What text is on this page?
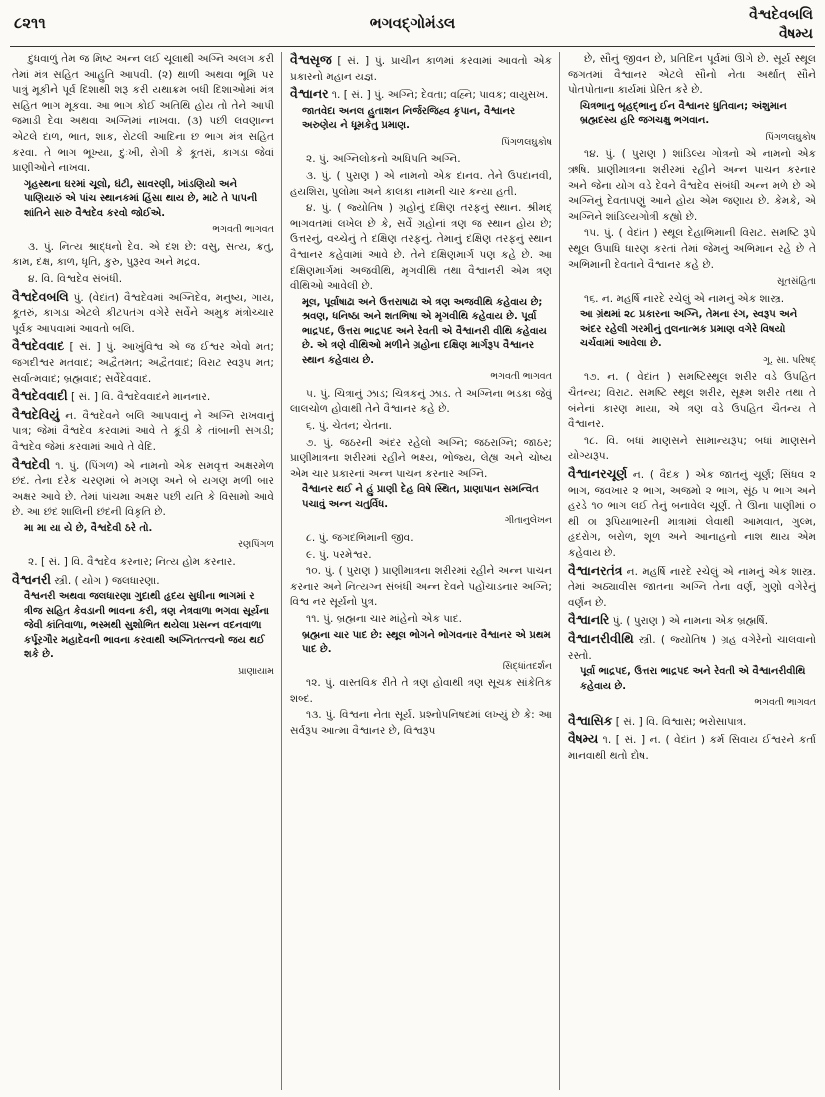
૮૨૧૧	ભગવદ્ગોમંડલ	વૈશ્વદેવબલિ
વૈષમ્ય
દુધવાળું તેમ જ મિષ્ટ અન્ન લઈ ચૂલાથી અગ્નિ અલગ કરી તેમાં મંત્ર સહિત આહુતિ આપવી. (૨) થાળી અથવા ભૂમિ પર પાત્રું મૂકીને પૂર્વ દિશાથી શરૂ કરી યથાક્રમ બધી દિશાઓમાં મંત્ર સહિત ભાગ મૂકવા. આ ભાગ કોઈ અતિથિ હોય તો તેને આપી જમાડી દેવા અથવા અગ્નિમાં નાખવા. (૩) પછી લવણાન્ન એટલે દાળ, ભાત, શાક, રોટલી આદિના છ ભાગ મંત્ર સહિત કરવા. તે ભાગ ભૂખ્યા, દુઃખી, રોગી કે કૂતરાં, કાગડા જેવાં પ્રાણીઓને નાખવા.
ગૃહસ્થના ઘરમાં ચૂલો, ઘંટી, સાવરણી, ખાંડણિયો અને પાણિયારું એ પાંચ સ્થાનકમાં હિંસા થાય છે, માટે તે પાપની શાંતિને સારુ વૈશ્વદેવ કરવો જોઈએ.
ભગવતી ભાગવત
૩. પું. નિત્ય શ્રાદ્ધનો દેવ. એ દશ છે: વસુ, સત્ય, ક્રતુ, કામ, દક્ષ, કાળ, ધૃતિ, કુરુ, પુરૂરવ અને મદ્રવ.
૪. વિ. વિશ્વદેવ સંબંધી.
વૈશ્વદેવબલિ પું. (વેદાંત) વૈશ્વદેવમાં અગ્નિદેવ, મનુષ્ય, ગાય, કૂતરું, કાગડા એટલે કીટપતંગ વગેરે સર્વેને અમુક મંત્રોચ્ચાર પૂર્વક આપવામાં આવતો બલિ.
વૈશ્વદેવવાદ [ સં. ] પું. આખુંવિશ્વ એ જ ઈશ્વર એવો મત; જગદીશ્વર મતવાદ; અદ્વૈતમત; અદ્વૈતવાદ; વિરાટ સ્વરૂપ મત; સર્વાત્મવાદ; બ્રહ્મવાદ; સર્વેદેવવાદ.
વૈશ્વદેવવાદી [ સં. ] વિ. વૈશ્વદેવવાદને માનનાર.
વૈશ્વદેવિયું ન. વૈશ્વદેવને બલિ આપવાનું ને અગ્નિ રાખવાનું પાત્ર; જેમાં વૈશ્વદેવ કરવામાં આવે તે કૂંડી કે તાંબાની સગડી; વૈશ્વદેવ જેમાં કરવામાં આવે તે વેદિ.
વૈશ્વદેવી ૧. પું. (પિંગળ) એ નામનો એક સમવૃત્ત અક્ષરમેળ છંદ. તેના દરેક ચરણમાં બે મગણ અને બે યગણ મળી બાર અક્ષર આવે છે. તેમાં પાંચમા અક્ષર પછી યતિ કે વિસામો આવે છે. આ છંદ શાલિની છંદની વિકૃતિ છે.
મા મા યા યે છે, વૈશ્વદેવી ઠરે તો.
રણપિંગળ
૨. [ સં. ] વિ. વૈશ્વદેવ કરનાર; નિત્ય હોમ કરનાર.
વૈશ્વનરી સ્ત્રી. ( યોગ ) જલધારણા.
વૈશ્વનરી અથવા જલધારણા ગુદાથી હૃદય સુધીના ભાગમાં ર ત્રીજ સહિત કેવડાની ભાવના કરી, ત્રણ નેત્રવાળા ભગવા સૂર્યના જેવી કાંતિવાળા, ભસ્મથી સુશોભિત થયેલા પ્રસન્ન વદનવાળા કર્પૂરગૌર મહાદેવની ભાવના કરવાથી અગ્નિતત્ત્વનો જય થઈ શકે છે.
પ્રાણાયામ
વૈશ્વસૃજ [ સં. ] પું. પ્રાચીન કાળમાં કરવામાં આવતો એક પ્રકારનો મહાન યજ્ઞ.
વૈશ્વાનર ૧. [ સં. ] પું. અગ્નિ; દેવતા; વહ્નિ; પાવક; વાયુસખ.
જાતવેદા અનલ હુતાશન નિર્જરજિહ્વ કૃપાન, વૈશ્વાનર અરુણેય ને ધૂમકેતુ પ્રમાણ.
પિંગળલઘુકોષ
૨. પું. અગ્નિલોકનો અધિપતિ અગ્નિ.
૩. પું. ( પુરાણ ) એ નામનો એક દાનવ. તેને ઉપદાનવી, હયશિરા, પુલોમા અને કાલકા નામની ચાર કન્યા હતી.
૪. પું. ( જ્યોતિષ ) ગ્રહોનું દક્ષિણ તરફનું સ્થાન. શ્રીમદ્ ભાગવતમાં લખેલ છે કે, સર્વે ગ્રહોનાં ત્રણ જ સ્થાન હોય છે; ઉત્તરનું, વચ્ચેનું તે દક્ષિણ તરફનું. તેમાનું દક્ષિણ તરફનું સ્થાન વૈશ્વાનર કહેવામાં આવે છે. તેને દક્ષિણમાર્ગ પણ કહે છે. આ દક્ષિણમાર્ગમાં અજવીથિ, મૃગવીથિ તથા વૈશ્વાનરી એમ ત્રણ વીથિઓ આવેલી છે.
મૂલ, પૂર્વાષાઢા અને ઉત્તરાષાઢા એ ત્રણ અજવીથિ કહેવાય છે; શ્રવણ, ધનિષ્ઠા અને શતભિષા એ મૃગવીથિ કહેવાય છે. પૂર્વા ભાદ્રપદ, ઉત્તરા ભાદ્રપદ અને રેવતી એ વૈશ્વાનરી વીથિ કહેવાય છે. એ ત્રણે વીથિઓ મળીને ગ્રહોના દક્ષિણ માર્ગરૂપ વૈશ્વાનર સ્થાન કહેવાય છે.
ભગવતી ભાગવત
૫. પું. ચિત્રાનું ઝાડ; ચિત્રકનું ઝાડ. તે અગ્નિના ભડકા જેવું લાલચોળ હોવાથી તેને વૈશ્વાનર કહે છે.
૬. પું. ચેતન; ચેતના.
૭. પું. જઠરની અંદર રહેલો અગ્નિ; જઠરાગ્નિ; જાઠર; પ્રાણીમાત્રના શરીરમાં રહીને ભક્ષ્ય, ભોજ્ય, લેહ્ય અને ચોષ્ય એમ ચાર પ્રકારનાં અન્ન પાચન કરનાર અગ્નિ.
વૈશ્વાનર થઈ ને હું પ્રાણી દેહ વિષે સ્થિત, પ્રાણાપાન સમન્વિત પચાવું અન્ન ચતુર્વિધ.
ગીતાનુલેખન
૮. પું. જગદભિમાની જીવ.
૯. પું. પરમેશ્વર.
૧૦. પું. ( પુરાણ ) પ્રાણીમાત્રના શરીરમાં રહીને અન્ન પાચન કરનાર અને નિત્યગ્ન સંબંધી અન્ન દેવને પહોંચાડનાર અગ્નિ; વિશ્વ નર સૂર્યનો પુત્ર.
૧૧. પું. બ્રહ્મના ચાર માંહેનો એક પાદ.
બ્રહ્મના ચાર પાદ છે: સ્થૂલ ભોગને ભોગવનાર વૈશ્વાનર એ પ્રથમ પાદ છે.
સિદ્ધાંતદર્શન
૧૨. પું. વાસ્તવિક રીતે તે ત્રણ હોવાથી ત્રણ સૂચક સાંકેતિક શબ્દ.
૧૩. પું. વિશ્વના નેતા સૂર્ય. પ્રશ્નોપનિષદમાં લખ્યું છે કે: આ સર્વરૂપ આત્મા વૈશ્વાનર છે, વિશ્વરૂપ
છે, સૌનું જીવન છે, પ્રતિદિન પૂર્વમાં ઊગે છે. સૂર્ય સ્થૂલ જગતમાં વૈશ્વાનર એટલે સૌનો નેતા અર્થાત્ સૌને પોતપોતાના કાર્યમાં પ્રેરિત કરે છે.
ચિત્રભાનુ બૃહદ્ભાનુ ઈન વૈશ્વાનર ધુતિવાન; અંશુમાન બ્રહ્મદસ્ય હરિ જગચક્ષુ ભગવાન.
પિંગળલઘુકોષ
૧૪. પું. ( પુરાણ ) શાંડિલ્ય ગોત્રનો એ નામનો એક ઋષિ. પ્રાણીમાત્રના શરીરમાં રહીને અન્ન પાચન કરનાર અને જેના યોગ વડે દેવને વૈશ્વદેવ સંબંધી અન્ન મળે છે એ અગ્નિનું દેવતાપણું આને હોય એમ જણાય છે. કેમકે, એ અગ્નિને શાંડિલ્યગોત્રી કહ્યો છે.
૧૫. પું. ( વેદાંત ) સ્થૂલ દેહાભિમાની વિરાટ. સમષ્ટિ રૂપે સ્થૂલ ઉપાધિ ધારણ કરતાં તેમાં જેમનું અભિમાન રહે છે તે અભિમાની દેવતાને વૈશ્વાનર કહે છે.
સૂતસંહિતા
૧૬. ન. મહર્ષિ નારદે રચેલું એ નામનું એક શાસ્ત્ર.
આ ગ્રંથમાં ૨૮ પ્રકારના અગ્નિ, તેમના રંગ, સ્વરૂપ અને અંદર રહેલી ગરમીનું તુલનાત્મક પ્રમાણ વગેરે વિષયો ચર્ચવામાં આવેલા છે.
ગૂ. સા. પરિષદ્
૧૭. ન. ( વેદાંત ) સમષ્ટિસ્થૂલ શરીર વડે ઉપહિત ચૈતન્ય; વિરાટ. સમષ્ટિ સ્થૂલ શરીર, સૂક્ષ્મ શરીર તથા તે બંનેનાં કારણ માયા, એ ત્રણ વડે ઉપહિત ચૈતન્ય તે વૈશ્વાનર.
૧૮. વિ. બધાં માણસને સામાન્યરૂપ; બધાં માણસને યોગ્યરૂપ.
વૈશ્વાનરચૂર્ણ ન. ( વૈદક ) એક જાતનું ચૂર્ણ; સિંધવ ૨ ભાગ, જવખાર ૨ ભાગ, અજમો ૨ ભાગ, સૂંઠ ૫ ભાગ અને હરડે ૧૦ ભાગ લઈ તેનું બનાવેલ ચૂર્ણ. તે ઊના પાણીમાં ૦ થી ૦ા રૂપિયાભારની માત્રામાં લેવાથી આમવાત, ગુલ્મ, હૃદરોગ, બરોળ, શૂળ અને આનાહનો નાશ થાય એમ કહેવાય છે.
વૈશ્વાનરતંત્ર ન. મહર્ષિ નારદે રચેલું એ નામનું એક શાસ્ત્ર. તેમાં અઠ્યાવીસ જાતના અગ્નિ તેના વર્ણ, ગુણો વગેરેનું વર્ણન છે.
વૈશ્વાનરિ પું. ( પુરાણ ) એ નામના એક બ્રહ્મર્ષિ.
વૈશ્વાનરીવીથિ સ્ત્રી. ( જ્યોતિષ ) ગ્રહ વગેરેનો ચાલવાનો રસ્તો.
પૂર્વા ભાદ્રપદ, ઉત્તરા ભાદ્રપદ અને રેવતી એ વૈશ્વાનરીવીથિ કહેવાય છે.
ભગવતી ભાગવત
વૈશ્વાસિક [ સં. ] વિ. વિશ્વાસ; ભરોસાપાત્ર.
વૈષમ્ય ૧. [ સં. ] ન. ( વેદાંત ) કર્મ સિવાય ઈશ્વરને કર્તા માનવાથી થતો દોષ.
